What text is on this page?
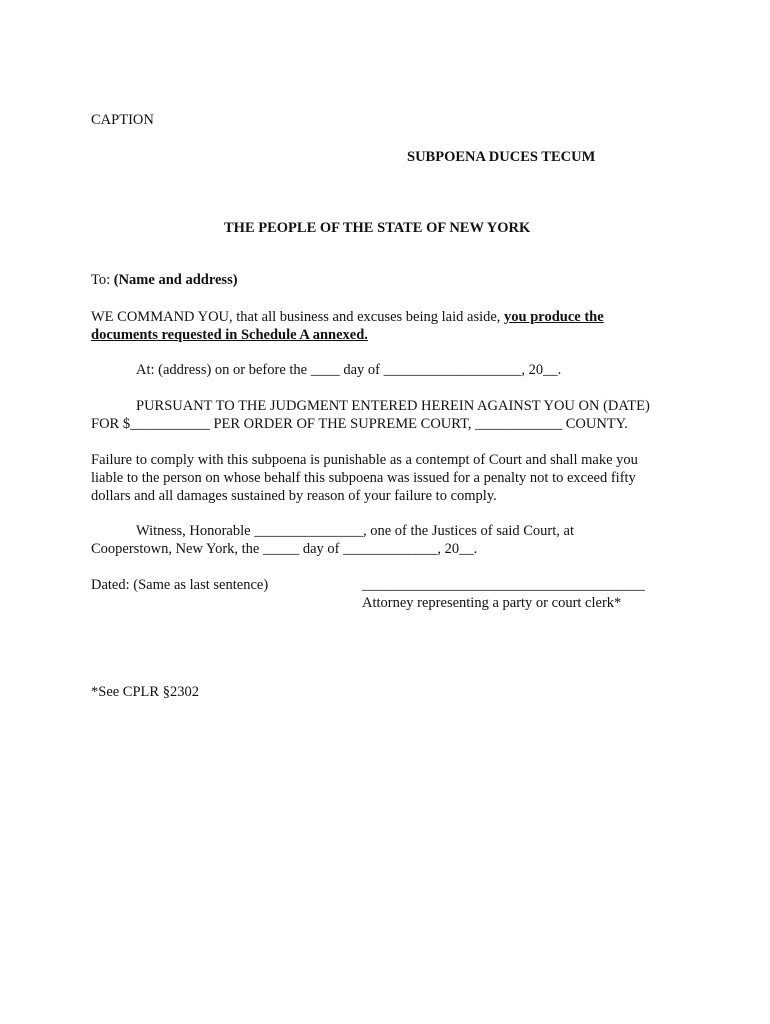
CAPTION
SUBPOENA DUCES TECUM
THE PEOPLE OF THE STATE OF NEW YORK
To: (Name and address)
WE COMMAND YOU, that all business and excuses being laid aside, you produce the
documents requested in Schedule A annexed.
At: (address) on or before the ____ day of ___________________, 20__.
PURSUANT TO THE JUDGMENT ENTERED HEREIN AGAINST YOU ON (DATE)
FOR $___________ PER ORDER OF THE SUPREME COURT, ____________ COUNTY.
Failure to comply with this subpoena is punishable as a contempt of Court and shall make you
liable to the person on whose behalf this subpoena was issued for a penalty not to exceed fifty
dollars and all damages sustained by reason of your failure to comply.
Witness, Honorable _______________, one of the Justices of said Court, at
Cooperstown, New York, the _____ day of _____________, 20__.
Dated: (Same as last sentence)	_______________________________________
Attorney representing a party or court clerk*
*See CPLR §2302
